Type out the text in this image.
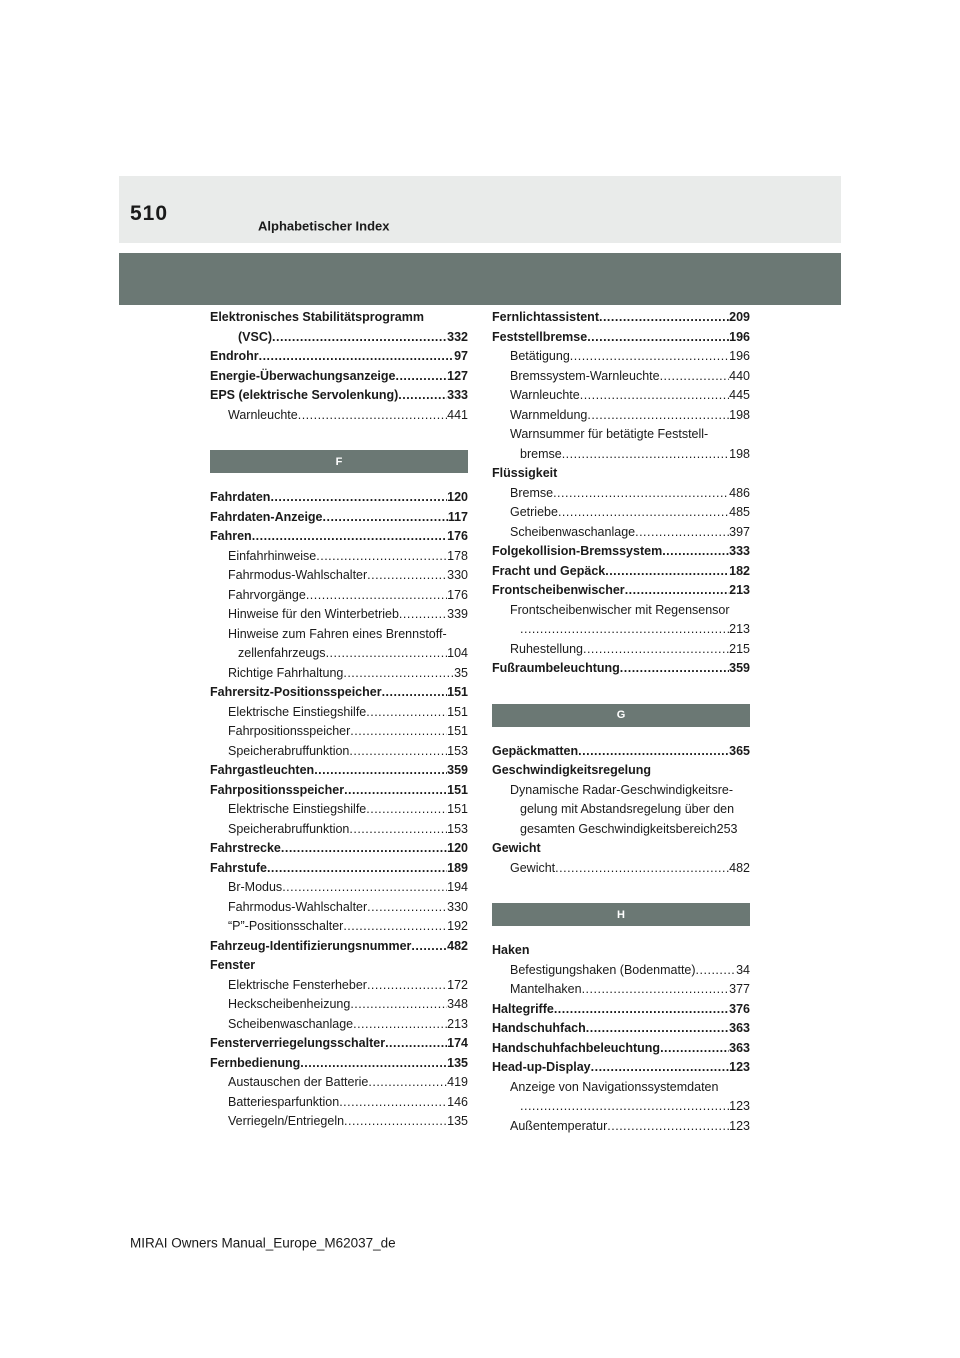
510
Alphabetischer Index
Elektronisches Stabilitätsprogramm
(VSC) .....	332
Endrohr .....	97
Energie-Überwachungsanzeige .....	127
EPS (elektrische Servolenkung) .....	333
Warnleuchte .....	441
F
Fahrdaten .....	120
Fahrdaten-Anzeige .....	117
Fahren .....	176
Einfahrhinweise .....	178
Fahrmodus-Wahlschalter .....	330
Fahrvorgänge .....	176
Hinweise für den Winterbetrieb .....	339
Hinweise zum Fahren eines Brennstoff-
zellenfahrzeugs .....	104
Richtige Fahrhaltung .....	35
Fahrersitz-Positionsspeicher .....	151
Elektrische Einstiegshilfe .....	151
Fahrpositionsspeicher .....	151
Speicherabruffunktion .....	153
Fahrgastleuchten .....	359
Fahrpositionsspeicher .....	151
Elektrische Einstiegshilfe .....	151
Speicherabruffunktion .....	153
Fahrstrecke .....	120
Fahrstufe .....	189
Br-Modus .....	194
Fahrmodus-Wahlschalter .....	330
“P”-Positionsschalter .....	192
Fahrzeug-Identifizierungsnummer .....	482
Fenster
Elektrische Fensterheber .....	172
Heckscheibenheizung .....	348
Scheibenwaschanlage .....	213
Fensterverriegelungsschalter .....	174
Fernbedienung .....	135
Austauschen der Batterie .....	419
Batteriesparfunktion .....	146
Verriegeln/Entriegeln .....	135
Fernlichtassistent .....	209
Feststellbremse .....	196
Betätigung .....	196
Bremssystem-Warnleuchte .....	440
Warnleuchte .....	445
Warnmeldung .....	198
Warnsummer für betätigte Feststell-
bremse .....	198
Flüssigkeit
Bremse .....	486
Getriebe .....	485
Scheibenwaschanlage .....	397
Folgekollision-Bremssystem .....	333
Fracht und Gepäck .....	182
Frontscheibenwischer .....	213
Frontscheibenwischer mit Regensensor
.....
213
Ruhestellung .....	215
Fußraumbeleuchtung .....	359
G
Gepäckmatten .....	365
Geschwindigkeitsregelung
Dynamische Radar-Geschwindigkeitsre-
gelung mit Abstandsregelung über den
gesamten Geschwindigkeitsbereich253
Gewicht
Gewicht .....	482
H
Haken
Befestigungshaken (Bodenmatte) .....	34
Mantelhaken .....	377
Haltegriffe .....	376
Handschuhfach .....	363
Handschuhfachbeleuchtung .....	363
Head-up-Display .....	123
Anzeige von Navigationssystemdaten
.....
123
Außentemperatur .....	123
MIRAI Owners Manual_Europe_M62037_de
